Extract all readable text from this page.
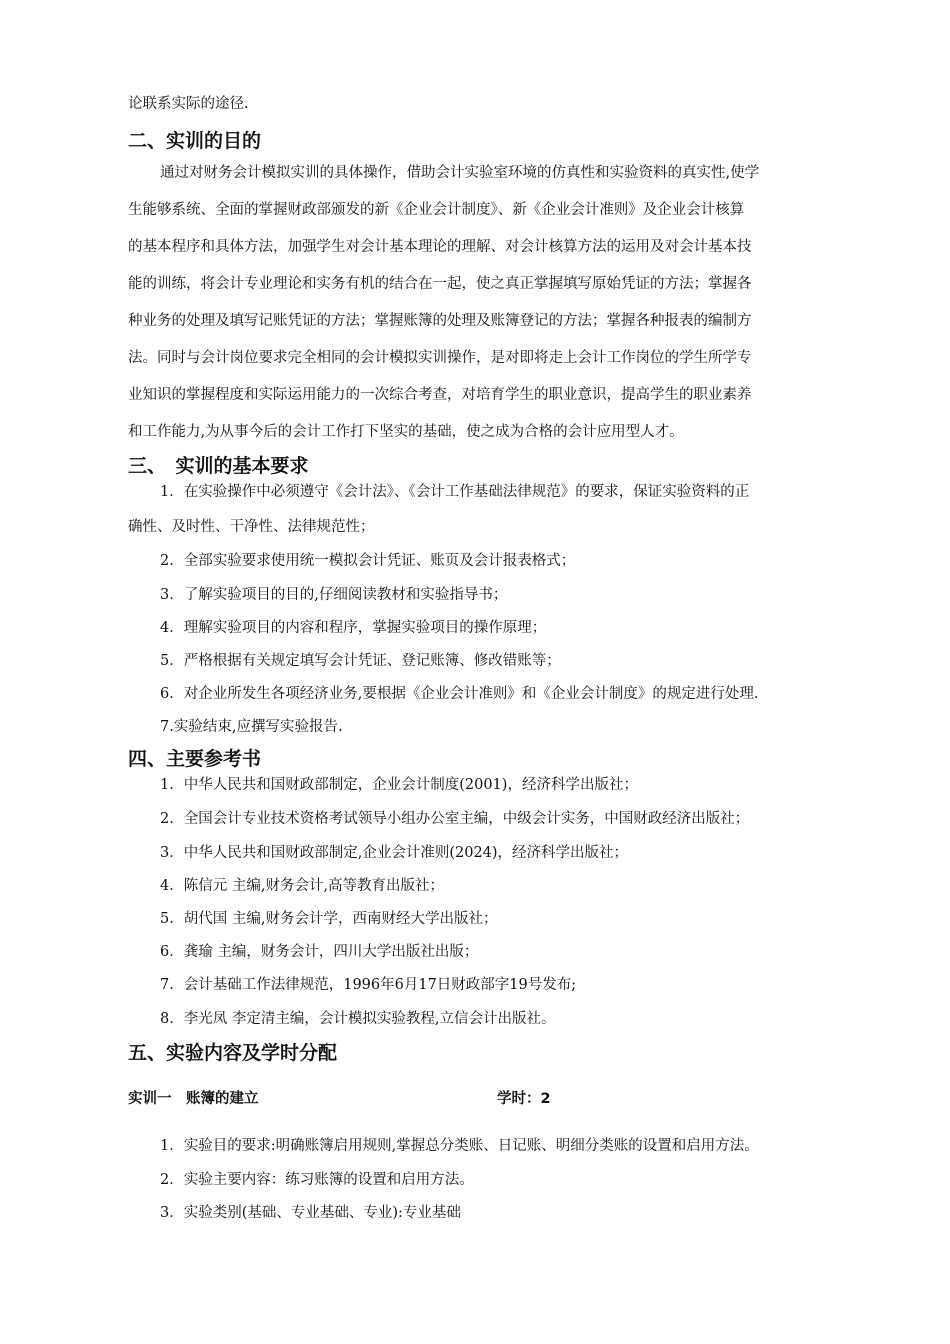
论联系实际的途径.
二、实训的目的
通过对财务会计模拟实训的具体操作，借助会计实验室环境的仿真性和实验资料的真实性,使学
生能够系统、全面的掌握财政部颁发的新《企业会计制度》、新《企业会计准则》及企业会计核算
的基本程序和具体方法，加强学生对会计基本理论的理解、对会计核算方法的运用及对会计基本技
能的训练，将会计专业理论和实务有机的结合在一起，使之真正掌握填写原始凭证的方法；掌握各
种业务的处理及填写记账凭证的方法；掌握账簿的处理及账簿登记的方法；掌握各种报表的编制方
法。同时与会计岗位要求完全相同的会计模拟实训操作，是对即将走上会计工作岗位的学生所学专
业知识的掌握程度和实际运用能力的一次综合考查，对培育学生的职业意识，提高学生的职业素养
和工作能力,为从事今后的会计工作打下坚实的基础，使之成为合格的会计应用型人才。
三、　实训的基本要求
1．在实验操作中必须遵守《会计法》、《会计工作基础法律规范》的要求，保证实验资料的正
确性、及时性、干净性、法律规范性；
2．全部实验要求使用统一模拟会计凭证、账页及会计报表格式；
3．了解实验项目的目的,仔细阅读教材和实验指导书；
4．理解实验项目的内容和程序，掌握实验项目的操作原理；
5．严格根据有关规定填写会计凭证、登记账簿、修改错账等；
6．对企业所发生各项经济业务,要根据《企业会计准则》和《企业会计制度》的规定进行处理.
7.实验结束,应撰写实验报告.
四、主要参考书
1．中华人民共和国财政部制定，企业会计制度(2001)，经济科学出版社；
2．全国会计专业技术资格考试领导小组办公室主编，中级会计实务，中国财政经济出版社；
3．中华人民共和国财政部制定,企业会计准则(2024)，经济科学出版社；
4．陈信元 主编,财务会计,高等教育出版社；
5．胡代国 主编,财务会计学，西南财经大学出版社；
6．龚瑜 主编，财务会计，四川大学出版社出版；
7．会计基础工作法律规范，1996年6月17日财政部字19号发布;
8．李光凤 李定清主编，会计模拟实验教程,立信会计出版社。
五、实验内容及学时分配
实训一　账簿的建立	学时：2
1．实验目的要求:明确账簿启用规则,掌握总分类账、日记账、明细分类账的设置和启用方法。
2．实验主要内容：练习账簿的设置和启用方法。
3．实验类别(基础、专业基础、专业):专业基础
